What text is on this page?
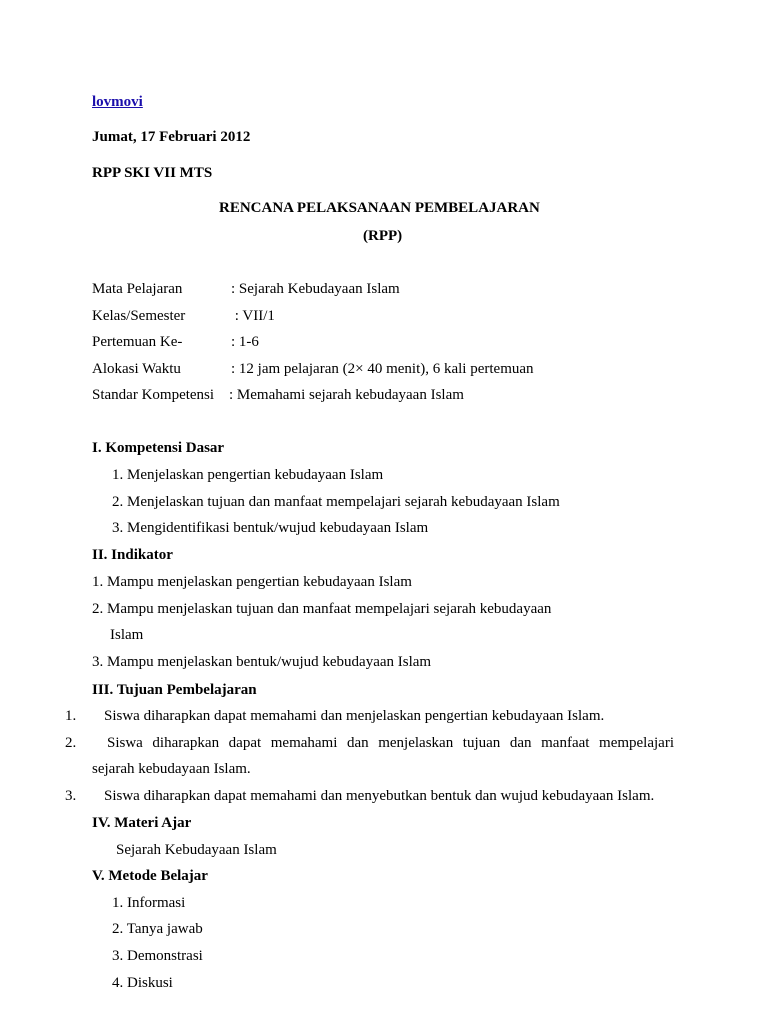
lovmovi
Jumat, 17 Februari 2012
RPP SKI VII MTS
RENCANA PELAKSANAAN PEMBELAJARAN
(RPP)
Mata Pelajaran	: Sejarah Kebudayaan Islam
Kelas/Semester	: VII/1
Pertemuan Ke-	: 1-6
Alokasi Waktu	: 12 jam pelajaran (2× 40 menit), 6 kali pertemuan
Standar Kompetensi : Memahami sejarah kebudayaan Islam
I. Kompetensi Dasar
1. Menjelaskan pengertian kebudayaan Islam
2. Menjelaskan tujuan dan manfaat mempelajari sejarah kebudayaan Islam
3. Mengidentifikasi bentuk/wujud kebudayaan Islam
II. Indikator
1. Mampu menjelaskan pengertian kebudayaan Islam
2. Mampu menjelaskan tujuan dan manfaat mempelajari sejarah kebudayaan
Islam
3. Mampu menjelaskan bentuk/wujud kebudayaan Islam
III. Tujuan Pembelajaran
1. Siswa diharapkan dapat memahami dan menjelaskan pengertian kebudayaan Islam.
2. Siswa diharapkan dapat memahami dan menjelaskan tujuan dan manfaat mempelajari
sejarah kebudayaan Islam.
3. Siswa diharapkan dapat memahami dan menyebutkan bentuk dan wujud kebudayaan Islam.
IV. Materi Ajar
Sejarah Kebudayaan Islam
V. Metode Belajar
1. Informasi
2. Tanya jawab
3. Demonstrasi
4. Diskusi
